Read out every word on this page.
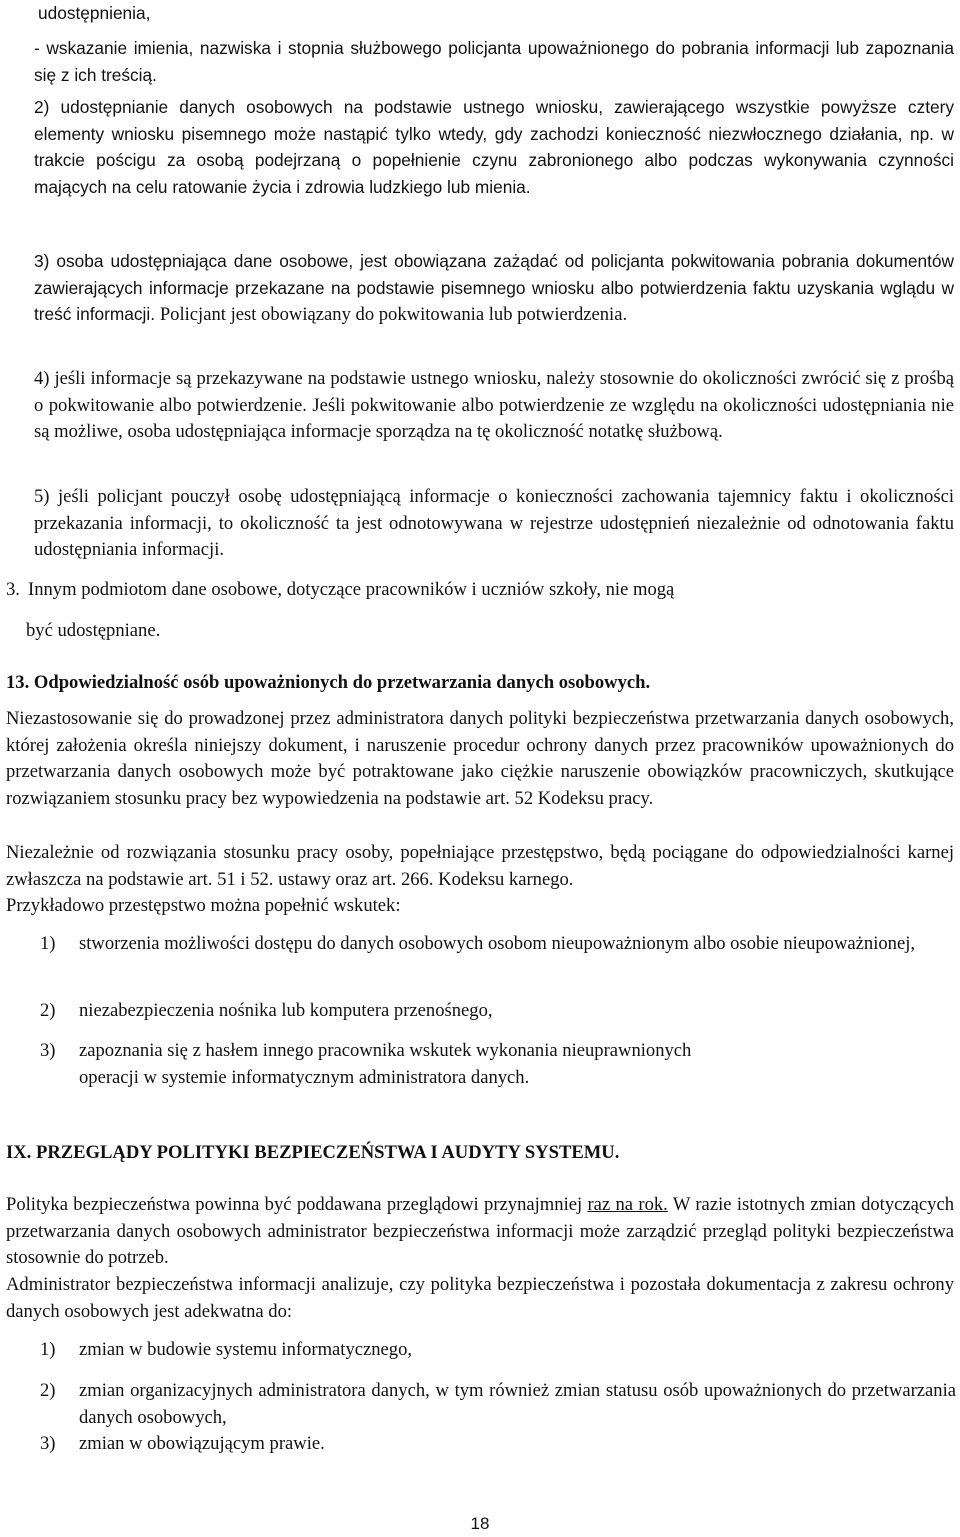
udostępnienia,

- wskazanie imienia, nazwiska i stopnia służbowego policjanta upoważnionego do pobrania informacji lub zapoznania się z ich treścią.

2) udostępnianie danych osobowych na podstawie ustnego wniosku, zawierającego wszystkie powyższe cztery elementy wniosku pisemnego może nastąpić tylko wtedy, gdy zachodzi konieczność niezwłocznego działania, np. w trakcie pościgu za osobą podejrzaną o popełnienie czynu zabronionego albo podczas wykonywania czynności mających na celu ratowanie życia i zdrowia ludzkiego lub mienia.

3) osoba udostępniająca dane osobowe, jest obowiązana zażądać od policjanta pokwitowania pobrania dokumentów zawierających informacje przekazane na podstawie pisemnego wniosku albo potwierdzenia faktu uzyskania wglądu w treść informacji. Policjant jest obowiązany do pokwitowania lub potwierdzenia.

4) jeśli informacje są przekazywane na podstawie ustnego wniosku, należy stosownie do okoliczności zwrócić się z prośbą o pokwitowanie albo potwierdzenie. Jeśli pokwitowanie albo potwierdzenie ze względu na okoliczności udostępniania nie są możliwe, osoba udostępniająca informacje sporządza na tę okoliczność notatkę służbową.

5) jeśli policjant pouczył osobę udostępniającą informacje o konieczności zachowania tajemnicy faktu i okoliczności przekazania informacji, to okoliczność ta jest odnotowywana w rejestrze udostępnień niezależnie od odnotowania faktu udostępniania informacji.

3. Innym podmiotom dane osobowe, dotyczące pracowników i uczniów szkoły, nie mogą

być udostępniane.

13. Odpowiedzialność osób upoważnionych do przetwarzania danych osobowych.

Niezastosowanie się do prowadzonej przez administratora danych polityki bezpieczeństwa przetwarzania danych osobowych, której założenia określa niniejszy dokument, i naruszenie procedur ochrony danych przez pracowników upoważnionych do przetwarzania danych osobowych może być potraktowane jako ciężkie naruszenie obowiązków pracowniczych, skutkujące rozwiązaniem stosunku pracy bez wypowiedzenia na podstawie art. 52 Kodeksu pracy.

Niezależnie od rozwiązania stosunku pracy osoby, popełniające przestępstwo, będą pociągane do odpowiedzialności karnej zwłaszcza na podstawie art. 51 i 52. ustawy oraz art. 266. Kodeksu karnego.

Przykładowo przestępstwo można popełnić wskutek:

1) stworzenia możliwości dostępu do danych osobowych osobom nieupoważnionym albo osobie nieupoważnionej,
2) niezabezpieczenia nośnika lub komputera przenośnego,
3) zapoznania się z hasłem innego pracownika wskutek wykonania nieuprawnionych
operacji w systemie informatycznym administratora danych.

IX. PRZEGLĄDY POLITYKI BEZPIECZEŃSTWA I AUDYTY SYSTEMU.

Polityka bezpieczeństwa powinna być poddawana przeglądowi przynajmniej raz na rok. W razie istotnych zmian dotyczących przetwarzania danych osobowych administrator bezpieczeństwa informacji może zarządzić przegląd polityki bezpieczeństwa stosownie do potrzeb.

Administrator bezpieczeństwa informacji analizuje, czy polityka bezpieczeństwa i pozostała dokumentacja z zakresu ochrony danych osobowych jest adekwatna do:

1) zmian w budowie systemu informatycznego,
2) zmian organizacyjnych administratora danych, w tym również zmian statusu osób upoważnionych do przetwarzania danych osobowych,
3) zmian w obowiązującym prawie.
18
